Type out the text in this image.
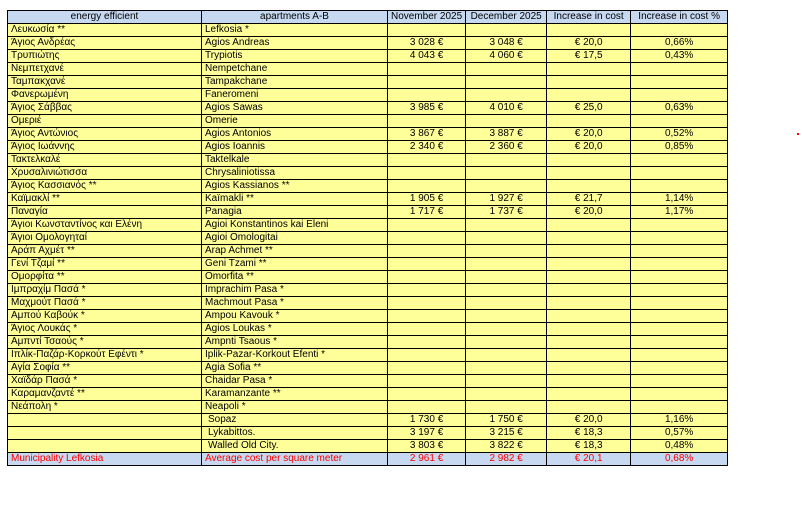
energy efficient	apartments A-B	November 2025	December 2025	Increase in cost	Increase in cost %
Λευκωσία **	Lefkosia *				
Άγιος Ανδρέας	Agios Andreas	3 028 €	3 048 €	€ 20,0	0,66%
Τρυπιώτης	Trypiotis	4 043 €	4 060 €	€ 17,5	0,43%
Νεμπετχανέ	Nempetchane				
Ταμπακχανέ	Tampakchane				
Φανερωμένη	Faneromeni				
Άγιος Σάββας	Agios Sawas	3 985 €	4 010 €	€ 25,0	0,63%
Ομεριέ	Omerie				
Άγιος Αντώνιος	Agios Antonios	3 867 €	3 887 €	€ 20,0	0,52%
Άγιος Ιωάννης	Agios Ioannis	2 340 €	2 360 €	€ 20,0	0,85%
Τακτελκαλέ	Taktelkale				
Χρυσαλινιώτισσα	Chrysaliniotissa				
Άγιος Κασσιανός **	Agios Kassianos **				
Καϊμακλί **	Kaïmakli **	1 905 €	1 927 €	€ 21,7	1,14%
Παναγία	Panagia	1 717 €	1 737 €	€ 20,0	1,17%
Άγιοι Κωνσταντίνος και Ελένη	Agioi Konstantinos kai Eleni				
Άγιοι Ομολογηταί	Agioi Omologitai				
Αράπ Αχμέτ **	Arap Achmet **				
Γενί Τζαμί **	Geni Tzami **				
Ομορφίτα **	Omorfita **				
Ιμπραχίμ Πασά *	Imprachim Pasa *				
Μαχμούτ Πασά *	Machmout Pasa *				
Αμπού Καβούκ *	Ampou Kavouk *				
Άγιος Λουκάς *	Agios Loukas *				
Αμπντί Τσαούς *	Ampnti Tsaous *				
Ιπλίκ-Παζάρ-Κορκούτ Εφέντι *	Iplik-Pazar-Korkout Efenti *				
Αγία Σοφία **	Agia Sofia **				
Χαϊδάρ Πασά *	Chaidar Pasa *				
Καραμανζαντέ **	Karamanzante **				
Νεάπολη *	Neapoli *				
	Sopaz	1 730 €	1 750 €	€ 20,0	1,16%
	Lykabittos.	3 197 €	3 215 €	€ 18,3	0,57%
	Walled Old City.	3 803 €	3 822 €	€ 18,3	0,48%
Municipality Lefkosia	Average cost per square meter	2 961 €	2 982 €	€ 20,1	0,68%
